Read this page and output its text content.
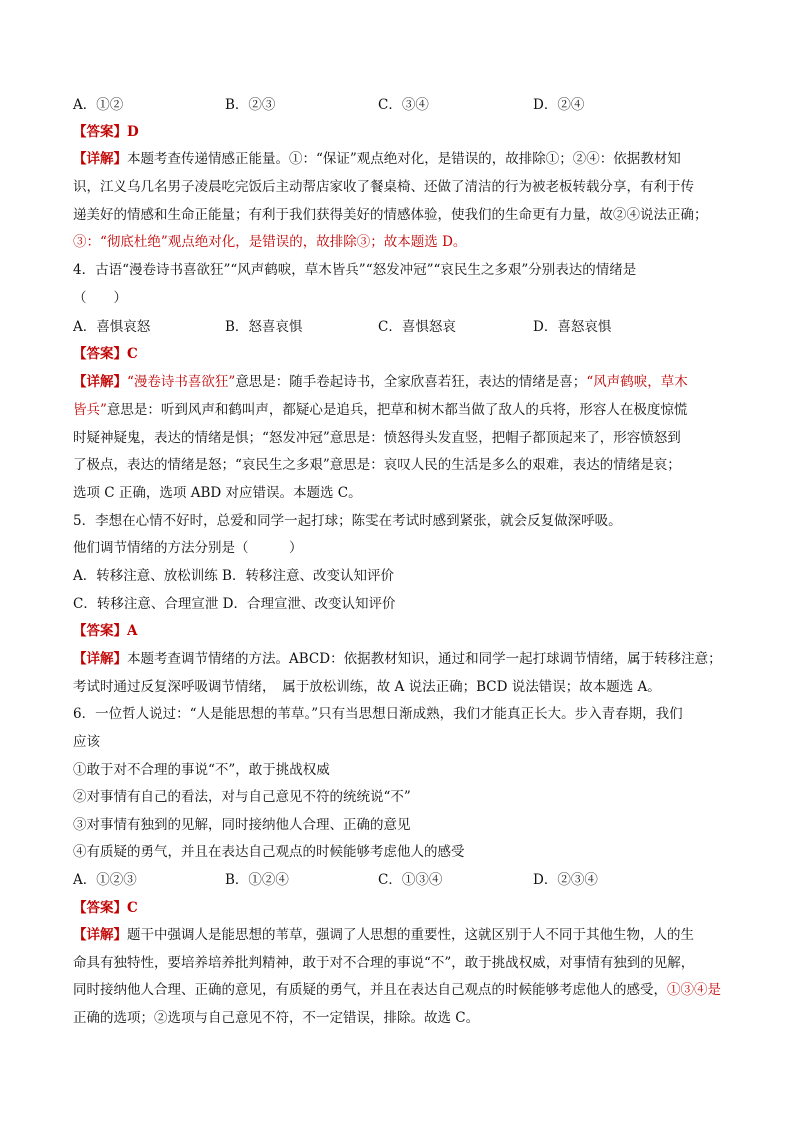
A．①②	B．②③	C．③④	D．②④
【答案】D
【详解】本题考查传递情感正能量。①：“保证”观点绝对化，是错误的，故排除①；②④：依据教材知
识，江义乌几名男子凌晨吃完饭后主动帮店家收了餐桌椅、还做了清洁的行为被老板转载分享，有利于传
递美好的情感和生命正能量；有利于我们获得美好的情感体验，使我们的生命更有力量，故②④说法正确；
③：“彻底杜绝”观点绝对化，是错误的，故排除③；故本题选 D。
4．古语“漫卷诗书喜欲狂”“风声鹤唳，草木皆兵”“怒发冲冠”“哀民生之多艰”分别表达的情绪是
（　　）
A．喜惧哀怒	B．怒喜哀惧	C．喜惧怒哀	D．喜怒哀惧
【答案】C
【详解】“漫卷诗书喜欲狂”意思是：随手卷起诗书，全家欣喜若狂，表达的情绪是喜；“风声鹤唳，草木
皆兵”意思是：听到风声和鹤叫声，都疑心是追兵，把草和树木都当做了敌人的兵将，形容人在极度惊慌
时疑神疑鬼，表达的情绪是惧；“怒发冲冠”意思是：愤怒得头发直竖，把帽子都顶起来了，形容愤怒到
了极点，表达的情绪是怒；“哀民生之多艰”意思是：哀叹人民的生活是多么的艰难，表达的情绪是哀；
选项 C 正确，选项 ABD 对应错误。本题选 C。
5．李想在心情不好时，总爱和同学一起打球；陈雯在考试时感到紧张，就会反复做深呼吸。
他们调节情绪的方法分别是（　　　）
A．转移注意、放松训练 B．转移注意、改变认知评价
C．转移注意、合理宣泄 D．合理宣泄、改变认知评价
【答案】A
【详解】本题考查调节情绪的方法。ABCD：依据教材知识，通过和同学一起打球调节情绪，属于转移注意；
考试时通过反复深呼吸调节情绪，　属于放松训练，故 A 说法正确；BCD 说法错误；故本题选 A。
6．一位哲人说过：“人是能思想的苇草。”只有当思想日渐成熟，我们才能真正长大。步入青春期，我们
应该
①敢于对不合理的事说“不”，敢于挑战权威
②对事情有自己的看法，对与自己意见不符的统统说“不”
③对事情有独到的见解，同时接纳他人合理、正确的意见
④有质疑的勇气，并且在表达自己观点的时候能够考虑他人的感受
A．①②③	B．①②④	C．①③④	D．②③④
【答案】C
【详解】题干中强调人是能思想的苇草，强调了人思想的重要性，这就区别于人不同于其他生物，人的生
命具有独特性，要培养培养批判精神，敢于对不合理的事说“不”，敢于挑战权威，对事情有独到的见解，
同时接纳他人合理、正确的意见，有质疑的勇气，并且在表达自己观点的时候能够考虑他人的感受，①③④是
正确的选项；②选项与自己意见不符，不一定错误，排除。故选 C。
